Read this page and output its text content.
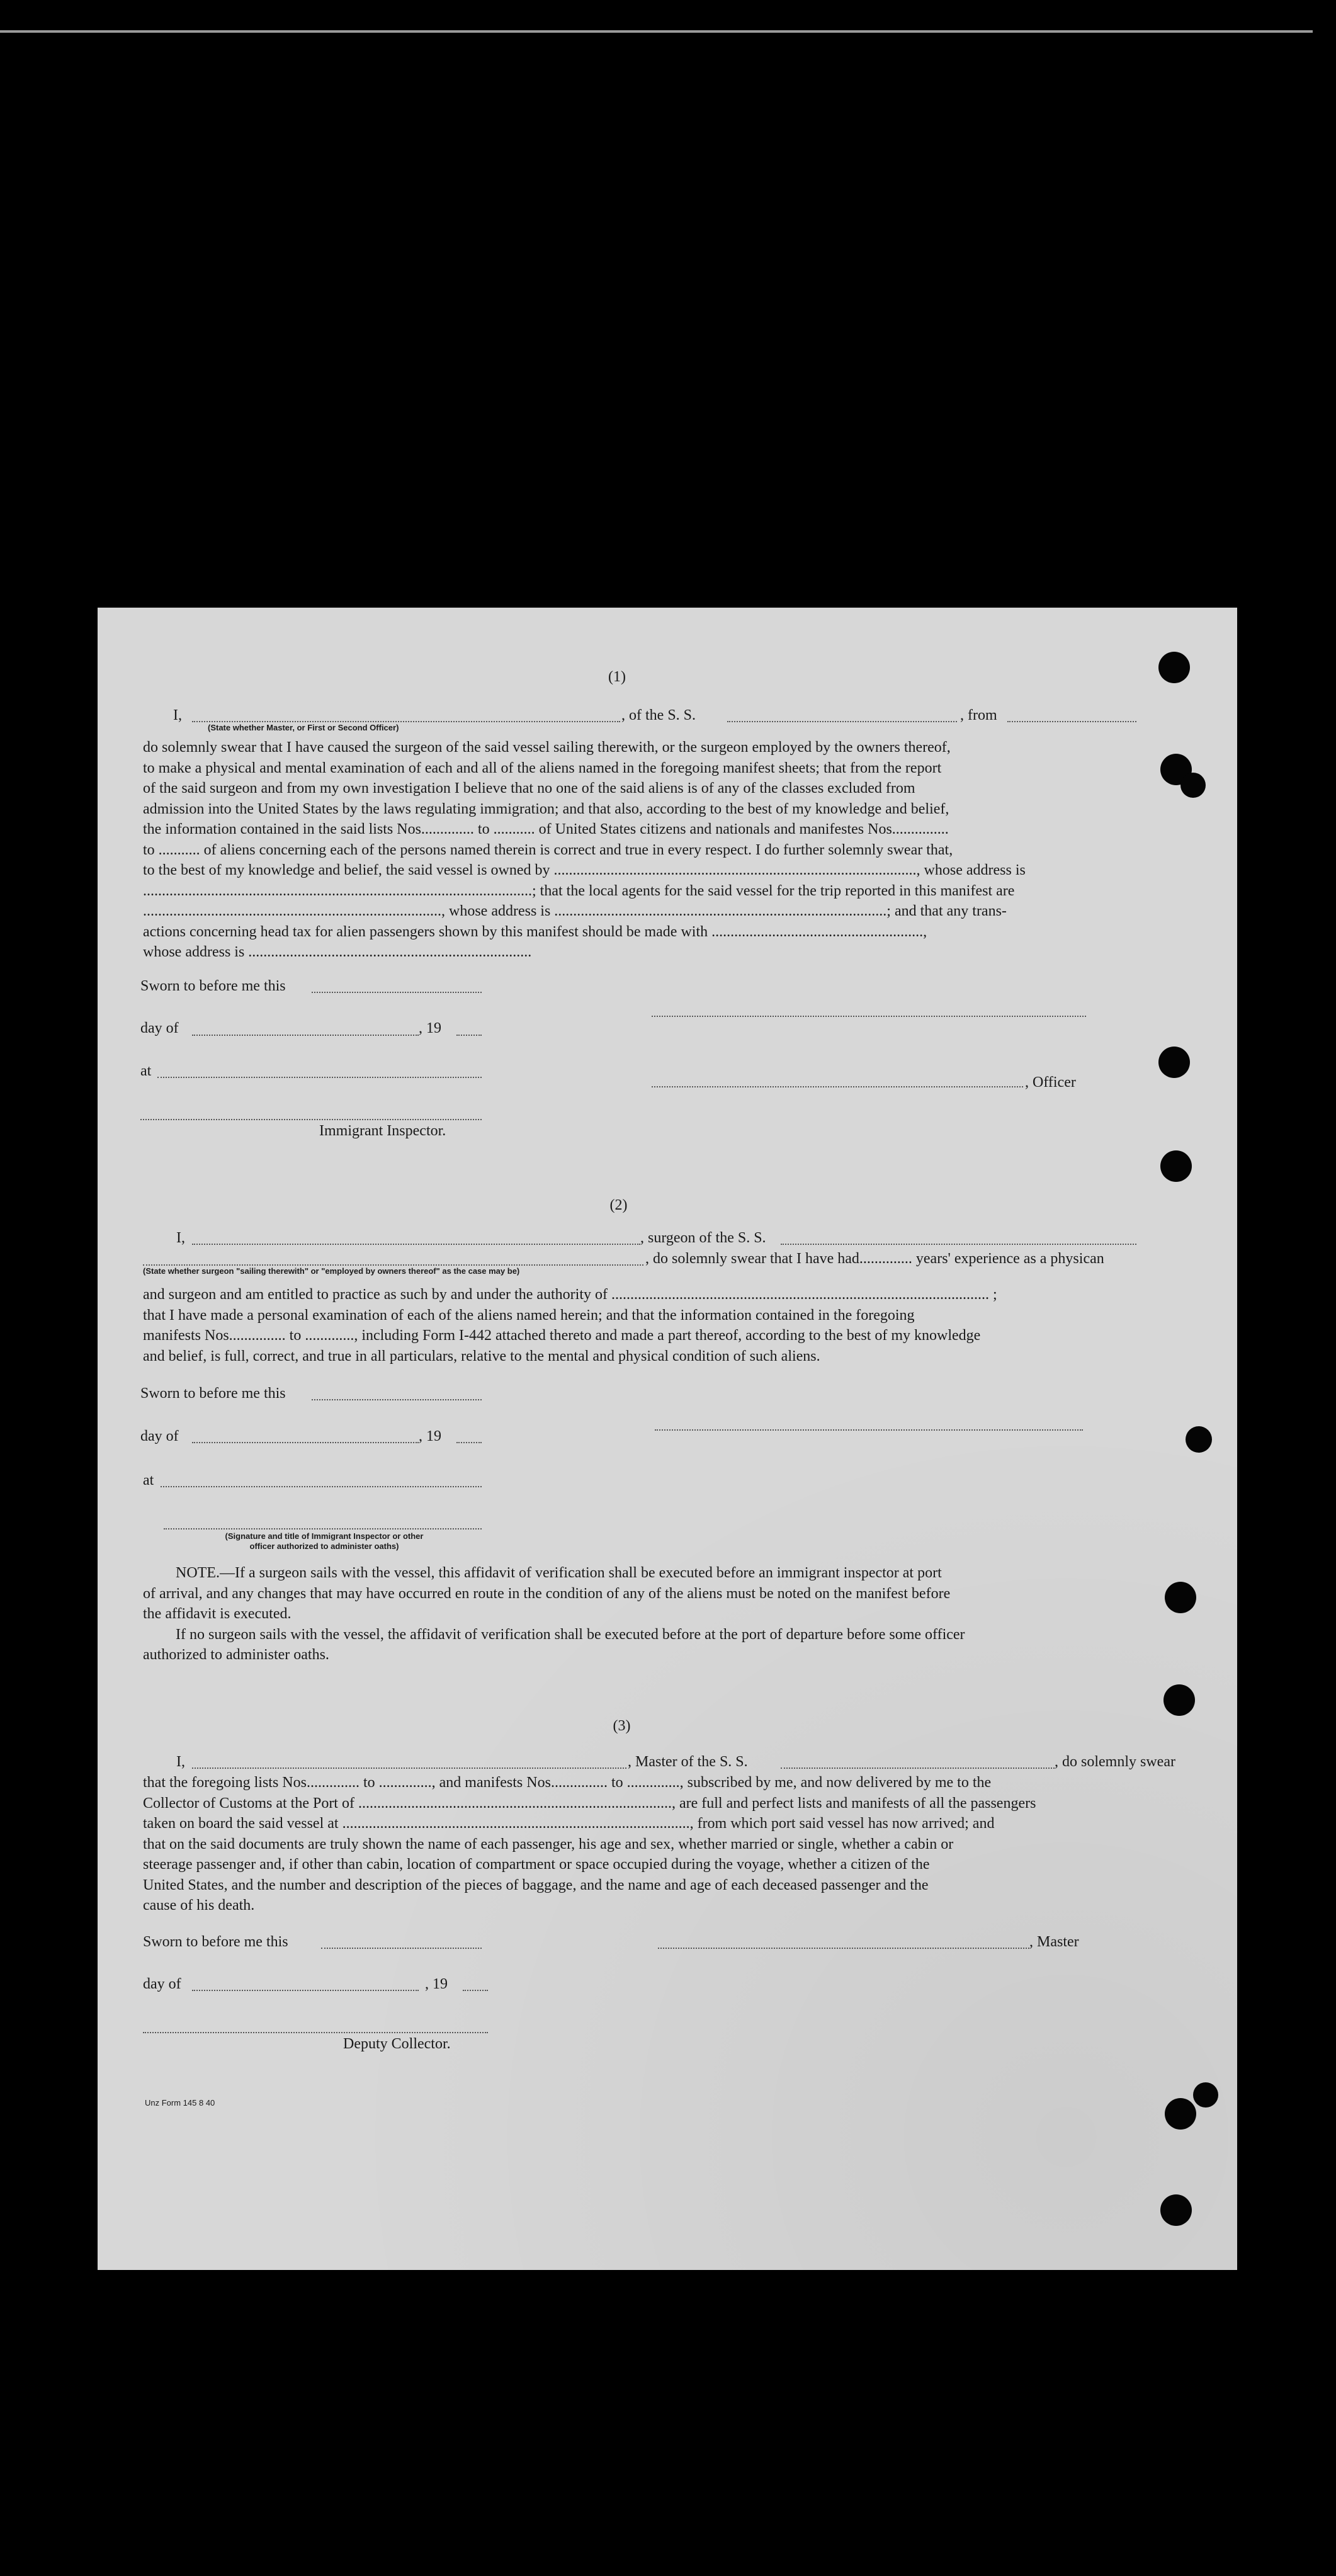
(1)
I,	, of the S. S.	, from
(State whether Master, or First or Second Officer)

do solemnly swear that I have caused the surgeon of the said vessel sailing therewith, or the surgeon employed by the owners thereof,

to make a physical and mental examination of each and all of the aliens named in the foregoing manifest sheets; that from the report

of the said surgeon and from my own investigation I believe that no one of the said aliens is of any of the classes excluded from

admission into the United States by the laws regulating immigration; and that also, according to the best of my knowledge and belief,

the information contained in the said lists Nos.............. to ........... of United States citizens and nationals and manifestes Nos...............

to ........... of aliens concerning each of the persons named therein is correct and true in every respect. I do further solemnly swear that,

to the best of my knowledge and belief, the said vessel is owned by ................................................................................................, whose address is

.......................................................................................................; that the local agents for the said vessel for the trip reported in this manifest are

..............................................................................., whose address is ........................................................................................; and that any trans-

actions concerning head tax for alien passengers shown by this manifest should be made with ........................................................,

whose address is ...........................................................................

Sworn to before me this
day of	, 19
at
, Officer
Immigrant Inspector.
(2)
I,	, surgeon of the S. S.
, do solemnly swear that I have had.............. years' experience as a physican
(State whether surgeon "sailing therewith" or "employed by owners thereof" as the case may be)

and surgeon and am entitled to practice as such by and under the authority of .................................................................................................... ;

that I have made a personal examination of each of the aliens named herein; and that the information contained in the foregoing

manifests Nos............... to ............., including Form I-442 attached thereto and made a part thereof, according to the best of my knowledge

and belief, is full, correct, and true in all particulars, relative to the mental and physical condition of such aliens.

Sworn to before me this
day of	, 19
at
(Signature and title of Immigrant Inspector or other
officer authorized to administer oaths)

NOTE.—If a surgeon sails with the vessel, this affidavit of verification shall be executed before an immigrant inspector at port

of arrival, and any changes that may have occurred en route in the condition of any of the aliens must be noted on the manifest before

the affidavit is executed.

If no surgeon sails with the vessel, the affidavit of verification shall be executed before at the port of departure before some officer

authorized to administer oaths.

(3)
I,	, Master of the S. S.	, do solemnly swear

that the foregoing lists Nos.............. to .............., and manifests Nos............... to .............., subscribed by me, and now delivered by me to the

Collector of Customs at the Port of ..................................................................................., are full and perfect lists and manifests of all the passengers

taken on board the said vessel at ............................................................................................, from which port said vessel has now arrived; and

that on the said documents are truly shown the name of each passenger, his age and sex, whether married or single, whether a cabin or

steerage passenger and, if other than cabin, location of compartment or space occupied during the voyage, whether a citizen of the

United States, and the number and description of the pieces of baggage, and the name and age of each deceased passenger and the

cause of his death.

Sworn to before me this	, Master
day of	, 19
Deputy Collector.
Unz Form 145 8 40
